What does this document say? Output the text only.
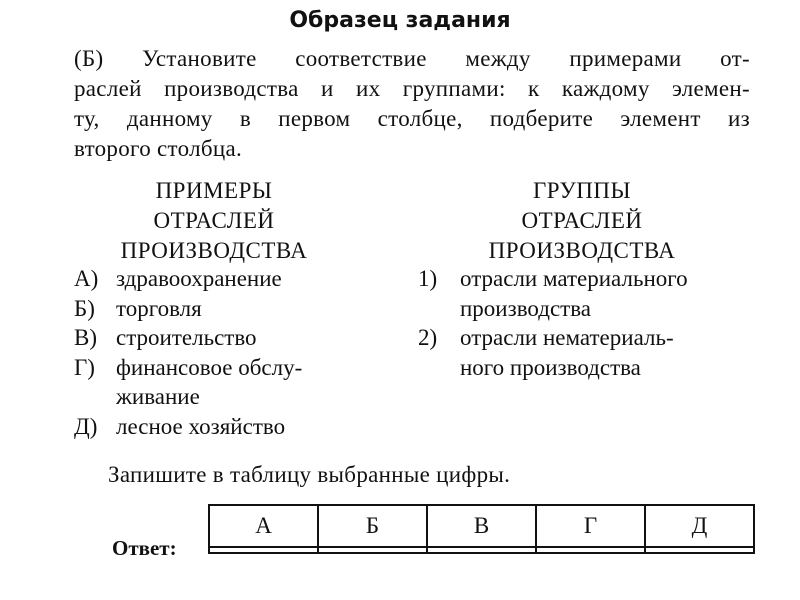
Образец задания
(Б) Установите соответствие между примерами от-
раслей производства и их группами: к каждому элемен-
ту, данному в первом столбце, подберите элемент из
второго столбца.
ПРИМЕРЫ
ОТРАСЛЕЙ
ПРОИЗВОДСТВА
ГРУППЫ
ОТРАСЛЕЙ
ПРОИЗВОДСТВА
А) здравоохранение
Б) торговля
В) строительство
Г) финансовое обслу-
живание
Д) лесное хозяйство
1) отрасли материального
производства
2) отрасли нематериаль-
ного производства
Запишите в таблицу выбранные цифры.
Ответ:
А	Б	В	Г	Д
